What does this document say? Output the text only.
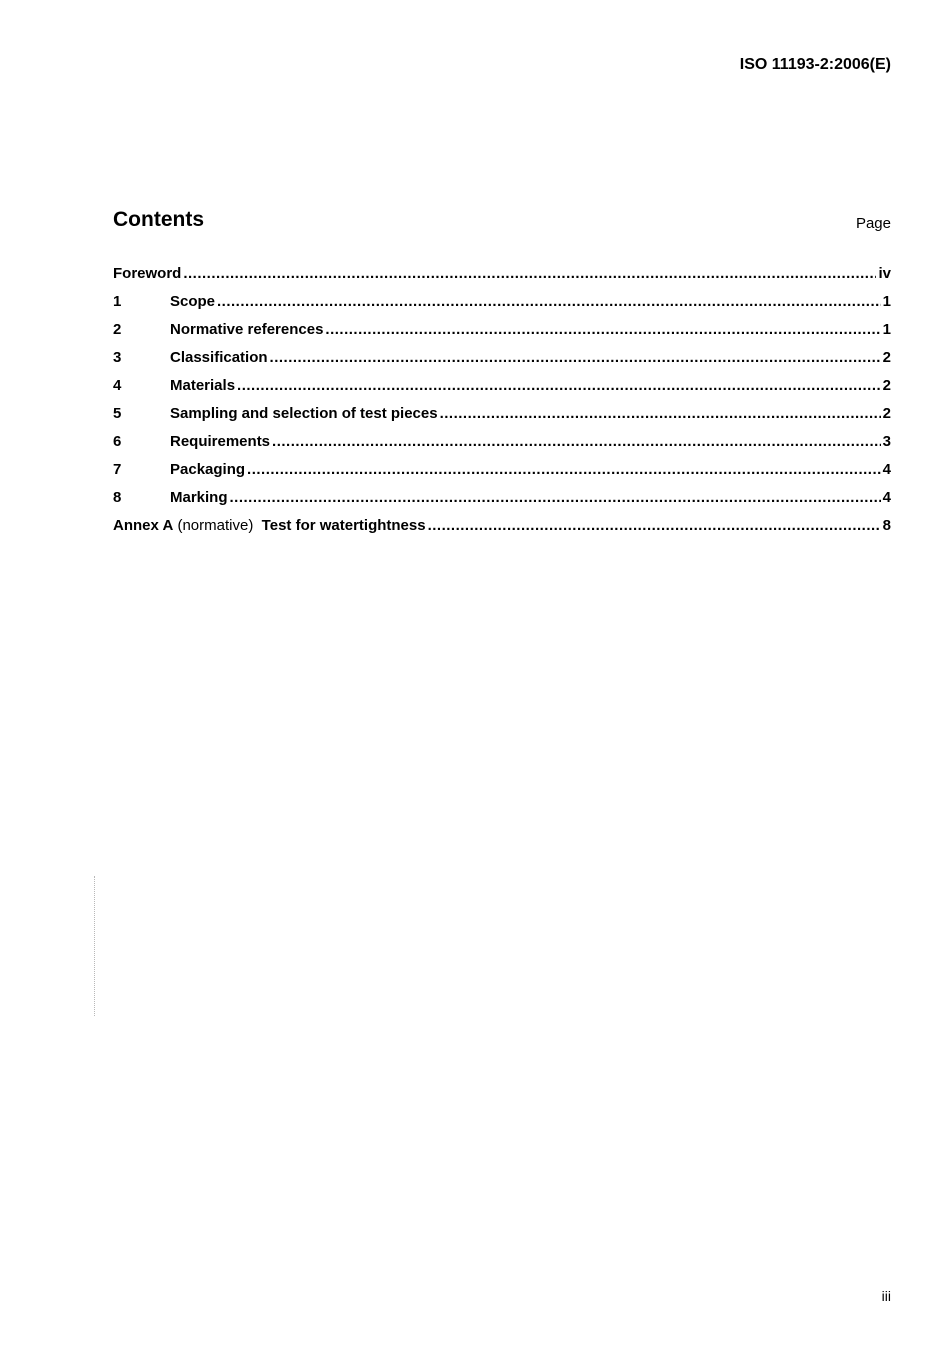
ISO 11193-2:2006(E)
Contents	Page
Foreword .....	iv
1	Scope .....	1
2	Normative references .....	1
3	Classification .....	2
4	Materials .....	2
5	Sampling and selection of test pieces .....	2
6	Requirements .....	3
7	Packaging .....	4
8	Marking .....	4
Annex A (normative) Test for watertightness .....	8
iii
